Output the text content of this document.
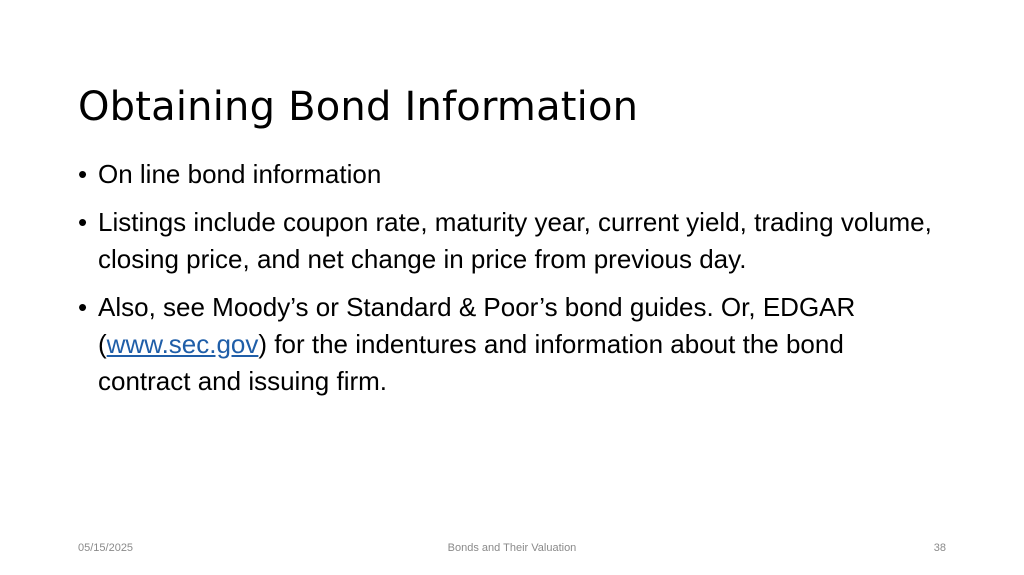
Obtaining Bond Information
• On line bond information
• Listings include coupon rate, maturity year, current yield, trading volume, closing price, and net change in price from previous day.
• Also, see Moody’s or Standard & Poor’s bond guides. Or, EDGAR (www.sec.gov) for the indentures and information about the bond contract and issuing firm.
05/15/2025	Bonds and Their Valuation	38
